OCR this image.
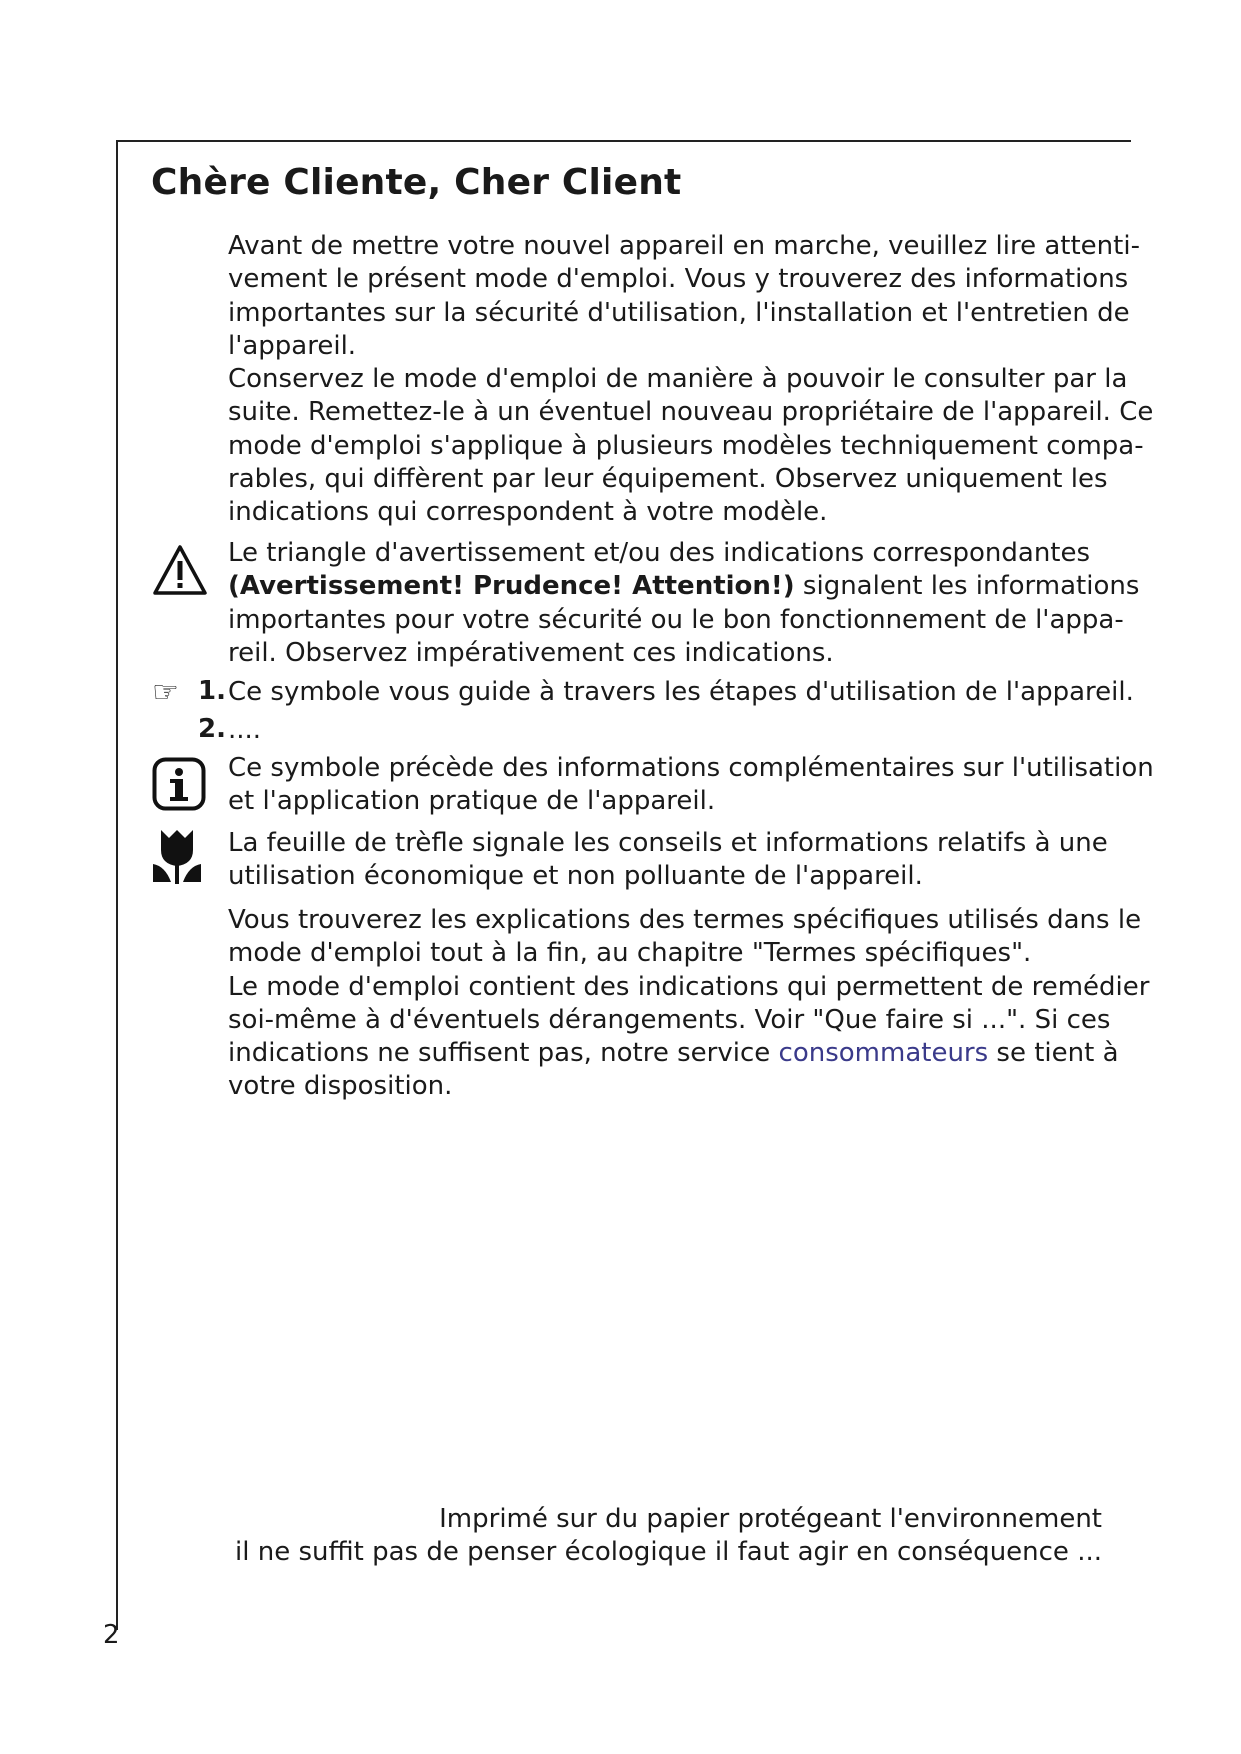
Chère Cliente, Cher Client
Avant de mettre votre nouvel appareil en marche, veuillez lire attenti-
vement le présent mode d'emploi. Vous y trouverez des informations
importantes sur la sécurité d'utilisation, l'installation et l'entretien de
l'appareil.
Conservez le mode d'emploi de manière à pouvoir le consulter par la
suite. Remettez-le à un éventuel nouveau propriétaire de l'appareil. Ce
mode d'emploi s'applique à plusieurs modèles techniquement compa-
rables, qui diffèrent par leur équipement. Observez uniquement les
indications qui correspondent à votre modèle.
Le triangle d'avertissement et/ou des indications correspondantes
(Avertissement! Prudence! Attention!) signalent les informations
importantes pour votre sécurité ou le bon fonctionnement de l'appa-
reil. Observez impérativement ces indications.
☞ 1. Ce symbole vous guide à travers les étapes d'utilisation de l'appareil.
2. ....
Ce symbole précède des informations complémentaires sur l'utilisation
et l'application pratique de l'appareil.
La feuille de trèfle signale les conseils et informations relatifs à une
utilisation économique et non polluante de l'appareil.
Vous trouverez les explications des termes spécifiques utilisés dans le
mode d'emploi tout à la fin, au chapitre "Termes spécifiques".
Le mode d'emploi contient des indications qui permettent de remédier
soi-même à d'éventuels dérangements. Voir "Que faire si ...". Si ces
indications ne suffisent pas, notre service consommateurs se tient à
votre disposition.
Imprimé sur du papier protégeant l'environnement
il ne suffit pas de penser écologique il faut agir en conséquence ...
2
